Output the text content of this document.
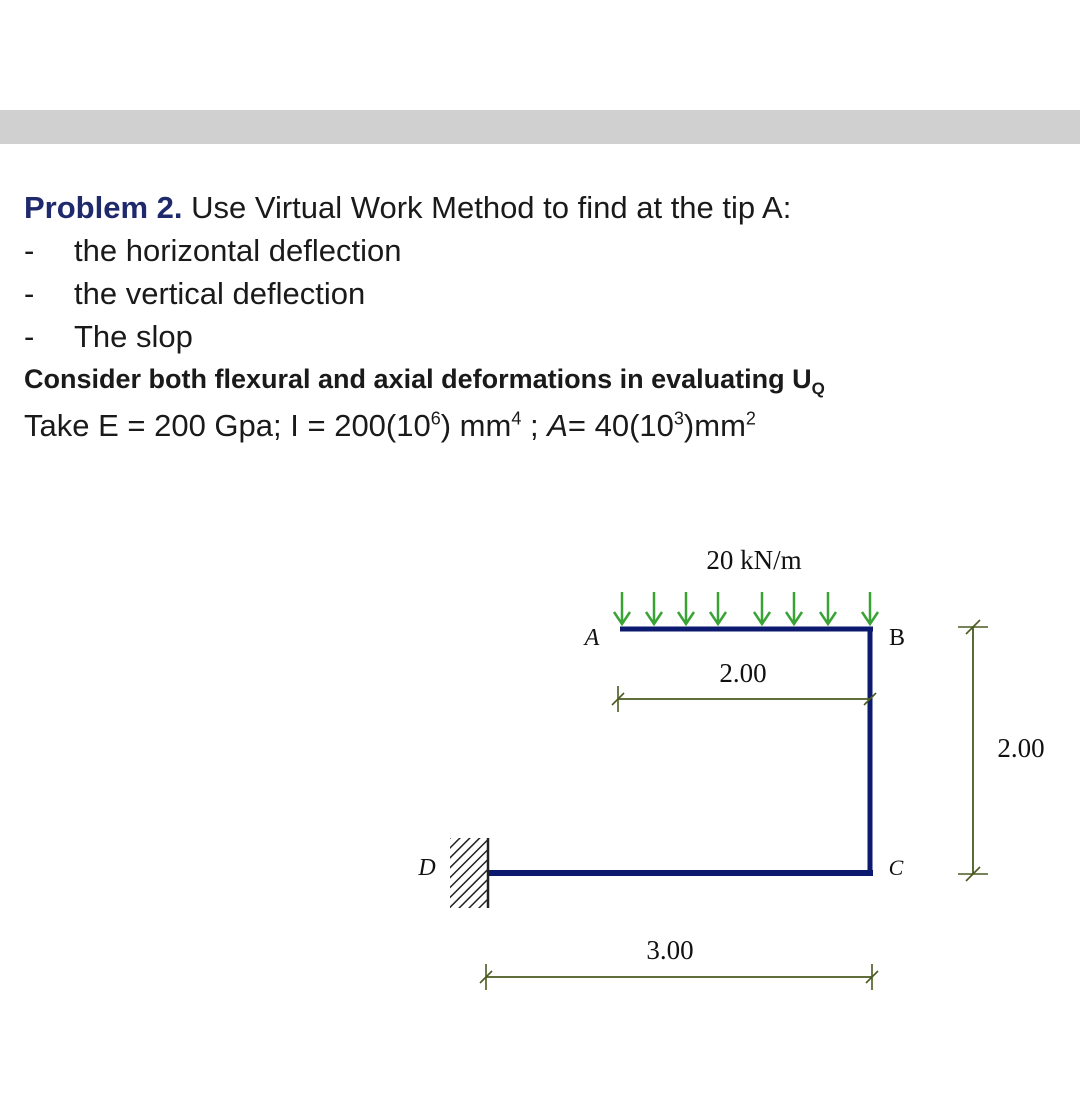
Problem 2. Use Virtual Work Method to find at the tip A:
-	the horizontal deflection
-	the vertical deflection
-	The slop
Consider both flexural and axial deformations in evaluating $U_Q$
Take E = 200 Gpa; $I = 200(10^6)$ $mm^4$ ; $A= 40(10^3)mm^2$
20 kN/m
A	B
C
D
2.00
2.00
3.00
